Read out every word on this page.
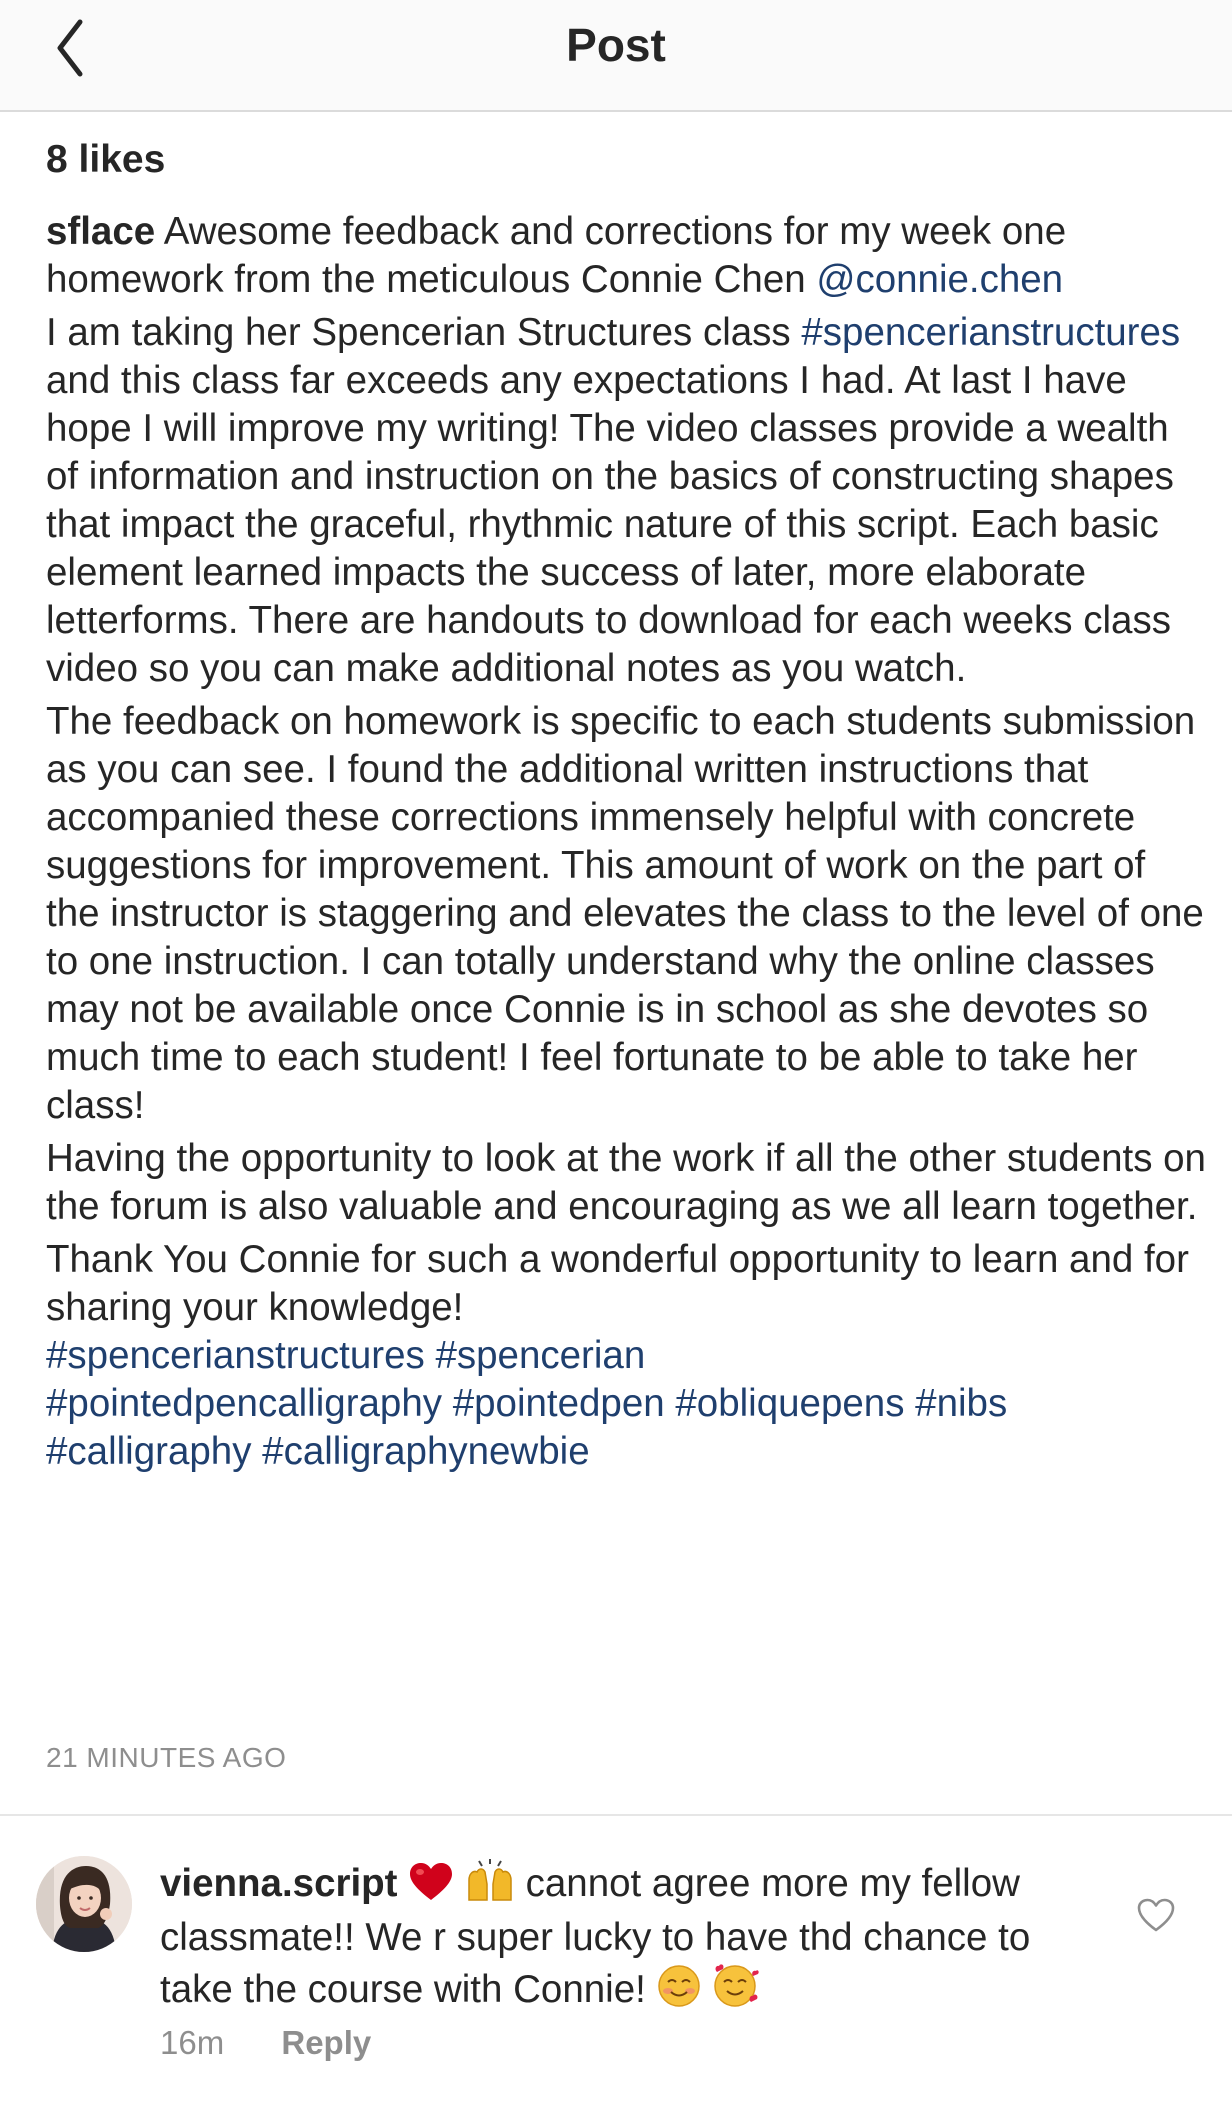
Post
8 likes

sflace Awesome feedback and corrections for my week one homework from the meticulous Connie Chen @connie.chen

I am taking her Spencerian Structures class #spencerianstructures and this class far exceeds any expectations I had. At last I have hope I will improve my writing! The video classes provide a wealth of information and instruction on the basics of constructing shapes that impact the graceful, rhythmic nature of this script. Each basic element learned impacts the success of later, more elaborate letterforms. There are handouts to download for each weeks class video so you can make additional notes as you watch.

The feedback on homework is specific to each students submission as you can see. I found the additional written instructions that accompanied these corrections immensely helpful with concrete suggestions for improvement. This amount of work on the part of the instructor is staggering and elevates the class to the level of one to one instruction. I can totally understand why the online classes may not be available once Connie is in school as she devotes so much time to each student! I feel fortunate to be able to take her class!

Having the opportunity to look at the work if all the other students on the forum is also valuable and encouraging as we all learn together.

Thank You Connie for such a wonderful opportunity to learn and for sharing your knowledge!

#spencerianstructures #spencerian
#pointedpencalligraphy #pointedpen #obliquepens #nibs
#calligraphy #calligraphynewbie

21 MINUTES AGO
vienna.script	cannot agree more my fellow classmate!! We r super lucky to have thd chance to take the course with Connie!
16m Reply
